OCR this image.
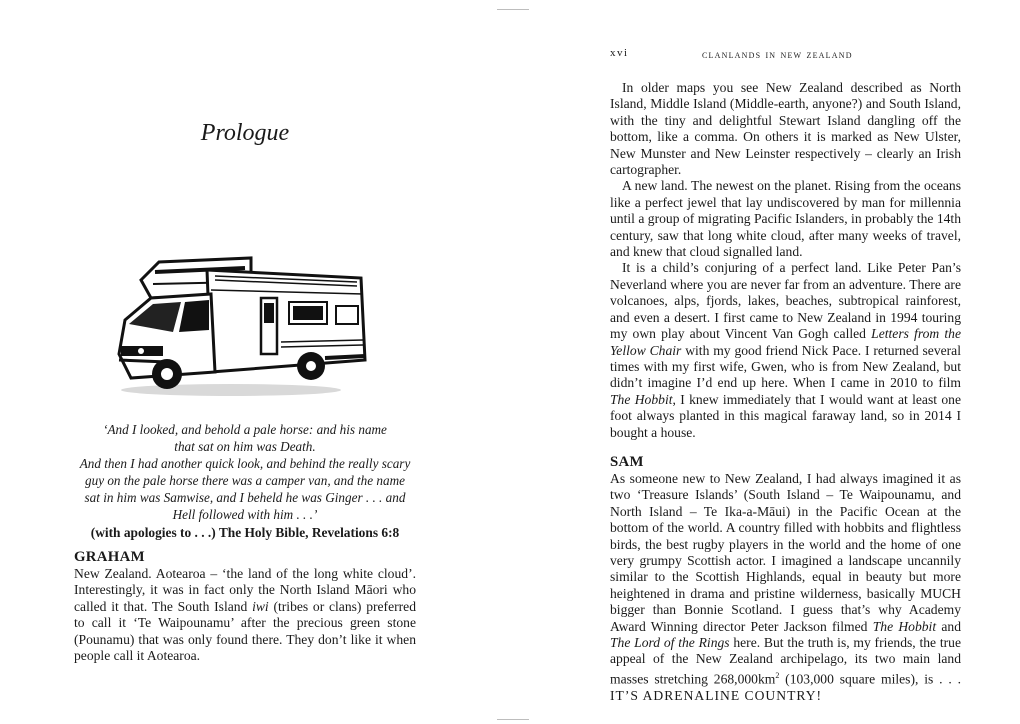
Prologue
‘And I looked, and behold a pale horse: and his name
that sat on him was Death.
And then I had another quick look, and behind the really scary
guy on the pale horse there was a camper van, and the name
sat in him was Samwise, and I beheld he was Ginger . . . and
Hell followed with him . . .’
(with apologies to . . .) The Holy Bible, Revelations 6:8
GRAHAM
New Zealand. Aotearoa – ‘the land of the long white cloud’. Interestingly, it was in fact only the North Island Māori who called it that. The South Island iwi (tribes or clans) preferred to call it ‘Te Waipounamu’ after the precious green stone (Pounamu) that was only found there. They don’t like it when people call it Aotearoa.
xvi	clanlands in new zealand

In older maps you see New Zealand described as North Island, Middle Island (Middle-earth, anyone?) and South Island, with the tiny and delightful Stewart Island dangling off the bottom, like a comma. On others it is marked as New Ulster, New Munster and New Leinster respectively – clearly an Irish cartographer.

A new land. The newest on the planet. Rising from the oceans like a perfect jewel that lay undiscovered by man for millennia until a group of migrating Pacific Islanders, in probably the 14th century, saw that long white cloud, after many weeks of travel, and knew that cloud signalled land.

It is a child’s conjuring of a perfect land. Like Peter Pan’s Neverland where you are never far from an adventure. There are volcanoes, alps, fjords, lakes, beaches, subtropical rainforest, and even a desert. I first came to New Zealand in 1994 touring my own play about Vincent Van Gogh called Letters from the Yellow Chair with my good friend Nick Pace. I returned several times with my first wife, Gwen, who is from New Zealand, but didn’t imagine I’d end up here. When I came in 2010 to film The Hobbit, I knew immediately that I would want at least one foot always planted in this magical faraway land, so in 2014 I bought a house.

SAM

As someone new to New Zealand, I had always imagined it as two ‘Treasure Islands’ (South Island – Te Waipounamu, and North Island – Te Ika-a-Māui) in the Pacific Ocean at the bottom of the world. A country filled with hobbits and flightless birds, the best rugby players in the world and the home of one very grumpy Scottish actor. I imagined a landscape uncannily similar to the Scottish Highlands, equal in beauty but more heightened in drama and pristine wilderness, basically MUCH bigger than Bonnie Scotland. I guess that’s why Academy Award Winning director Peter Jackson filmed The Hobbit and The Lord of the Rings here. But the truth is, my friends, the true appeal of the New Zealand archipelago, its two main land masses stretching $268,000km^2$ (103,000 square miles), is . . . IT’S ADRENALINE COUNTRY!
